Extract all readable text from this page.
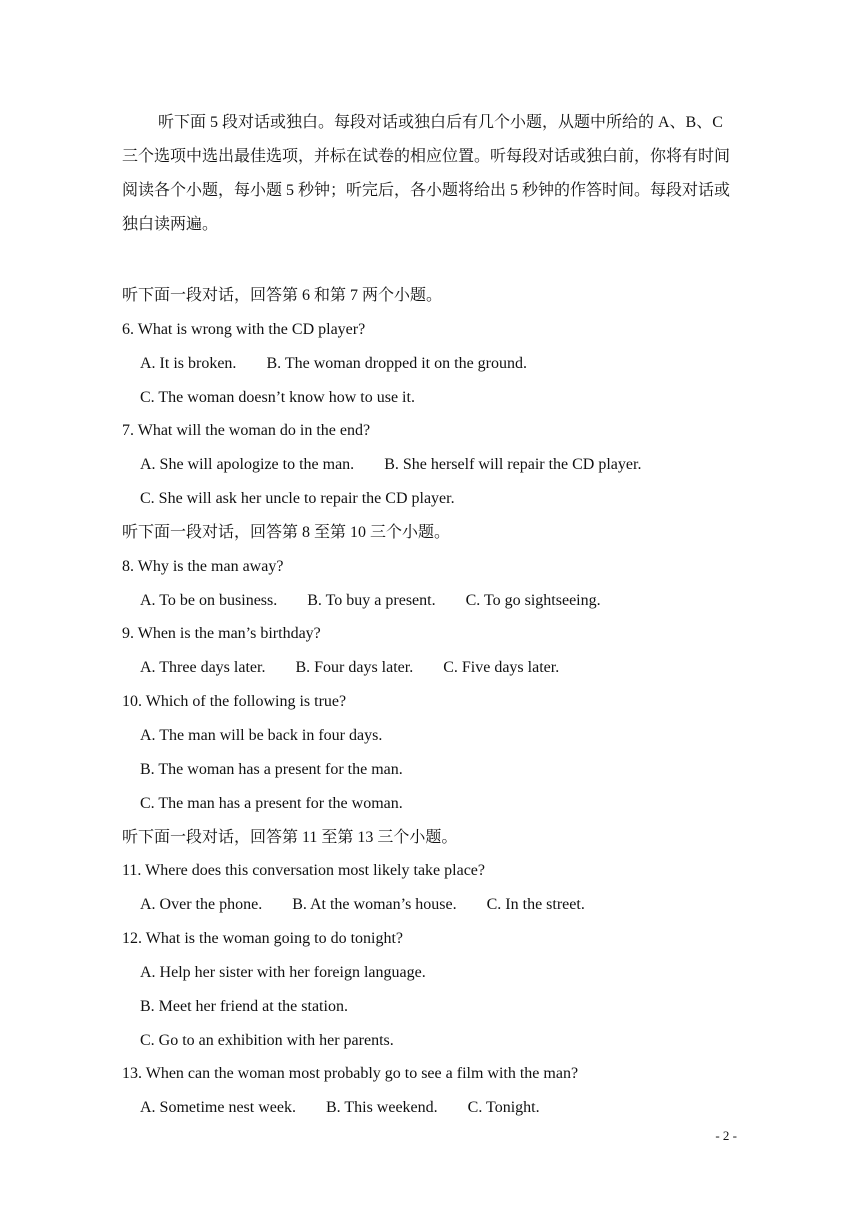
听下面 5 段对话或独白。每段对话或独白后有几个小题，从题中所给的 A、B、C 三个选项中选出最佳选项，并标在试卷的相应位置。听每段对话或独白前，你将有时间阅读各个小题，每小题 5 秒钟；听完后，各小题将给出 5 秒钟的作答时间。每段对话或独白读两遍。

听下面一段对话，回答第 6 和第 7 两个小题。
6. What is wrong with the CD player?
A. It is broken. B. The woman dropped it on the ground.
C. The woman doesn’t know how to use it.
7. What will the woman do in the end?
A. She will apologize to the man. B. She herself will repair the CD player.
C. She will ask her uncle to repair the CD player.
听下面一段对话，回答第 8 至第 10 三个小题。
8. Why is the man away?
A. To be on business. B. To buy a present. C. To go sightseeing.
9. When is the man’s birthday?
A. Three days later. B. Four days later. C. Five days later.
10. Which of the following is true?
A. The man will be back in four days.
B. The woman has a present for the man.
C. The man has a present for the woman.
听下面一段对话，回答第 11 至第 13 三个小题。
11. Where does this conversation most likely take place?
A. Over the phone. B. At the woman’s house. C. In the street.
12. What is the woman going to do tonight?
A. Help her sister with her foreign language.
B. Meet her friend at the station.
C. Go to an exhibition with her parents.
13. When can the woman most probably go to see a film with the man?
A. Sometime nest week. B. This weekend. C. Tonight.
- 2 -
